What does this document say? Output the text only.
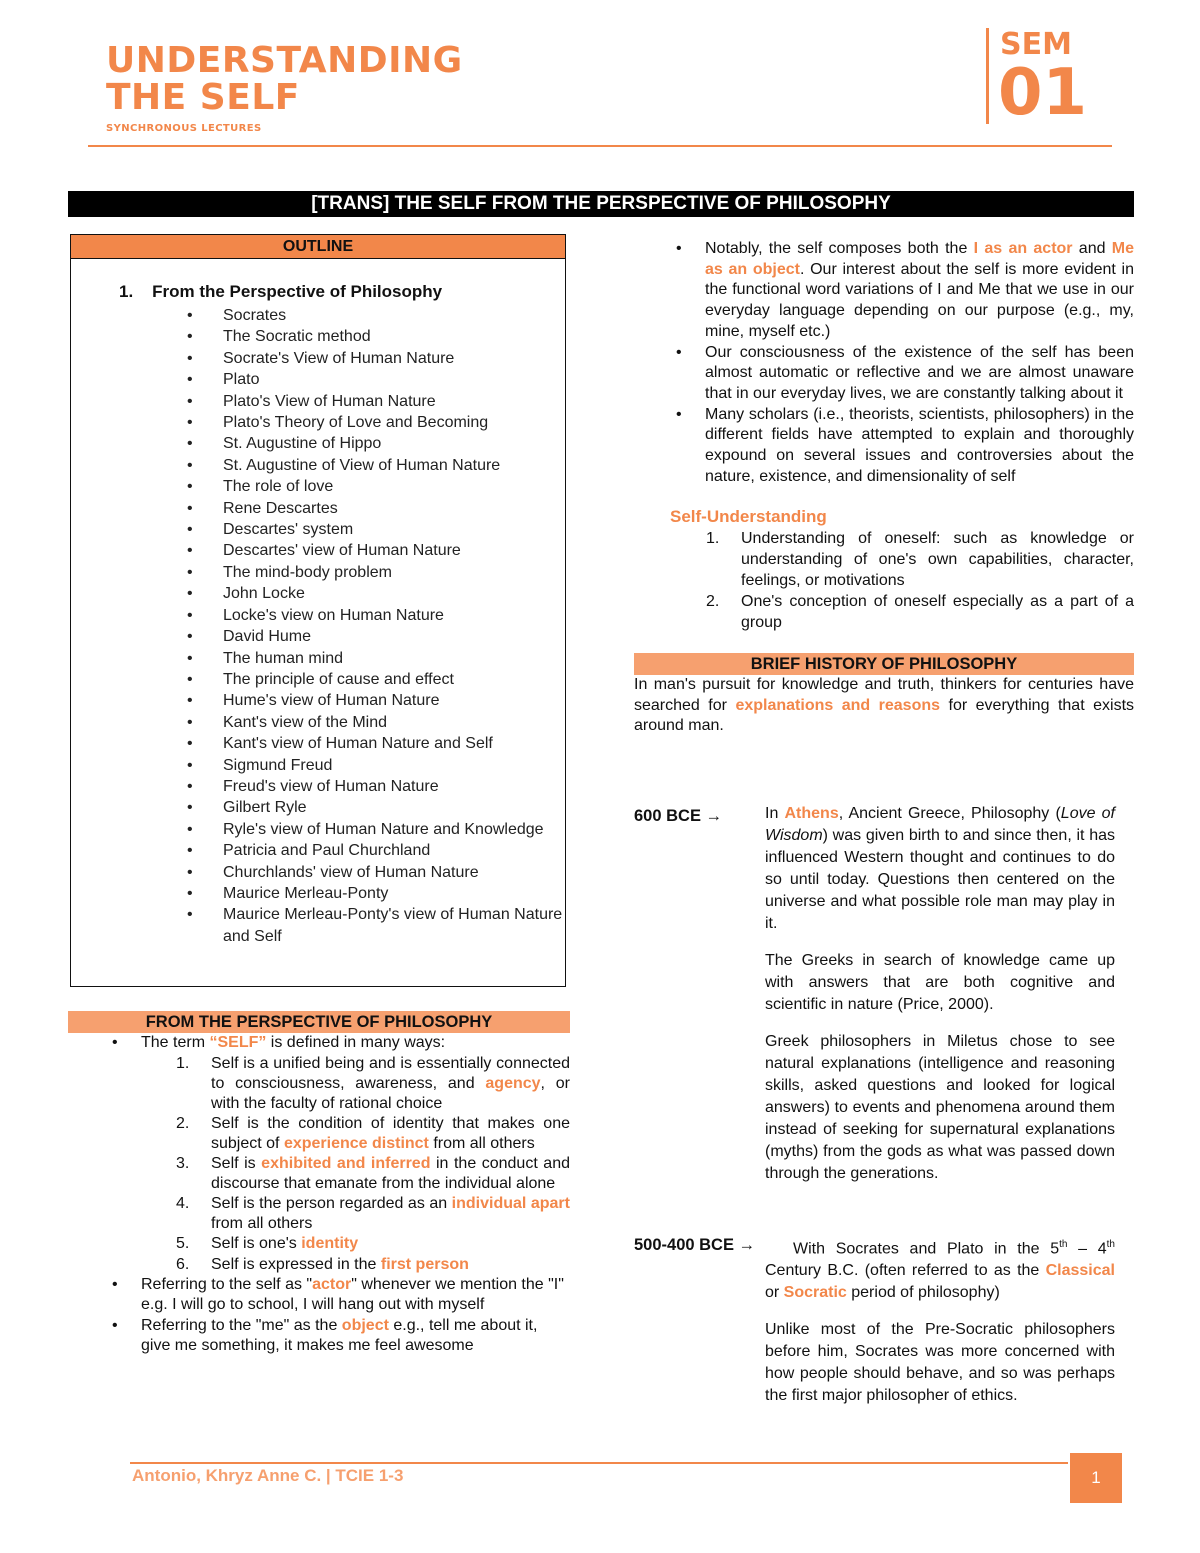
UNDERSTANDING
THE SELF
SYNCHRONOUS LECTURES
SEM
01
[TRANS] THE SELF FROM THE PERSPECTIVE OF PHILOSOPHY
OUTLINE
1. From the Perspective of Philosophy
• Socrates
• The Socratic method
• Socrate's View of Human Nature
• Plato
• Plato's View of Human Nature
• Plato's Theory of Love and Becoming
• St. Augustine of Hippo
• St. Augustine of View of Human Nature
• The role of love
• Rene Descartes
• Descartes' system
• Descartes' view of Human Nature
• The mind-body problem
• John Locke
• Locke's view on Human Nature
• David Hume
• The human mind
• The principle of cause and effect
• Hume's view of Human Nature
• Kant's view of the Mind
• Kant's view of Human Nature and Self
• Sigmund Freud
• Freud's view of Human Nature
• Gilbert Ryle
• Ryle's view of Human Nature and Knowledge
• Patricia and Paul Churchland
• Churchlands' view of Human Nature
• Maurice Merleau-Ponty
• Maurice Merleau-Ponty's view of Human Nature and Self
FROM THE PERSPECTIVE OF PHILOSOPHY
• The term “SELF” is defined in many ways:
1. Self is a unified being and is essentially connected to consciousness, awareness, and agency, or with the faculty of rational choice
2. Self is the condition of identity that makes one subject of experience distinct from all others
3. Self is exhibited and inferred in the conduct and discourse that emanate from the individual alone
4. Self is the person regarded as an individual apart from all others
5. Self is one's identity
6. Self is expressed in the first person
• Referring to the self as "actor" whenever we mention the "I" e.g. I will go to school, I will hang out with myself
• Referring to the "me" as the object e.g., tell me about it, give me something, it makes me feel awesome
• Notably, the self composes both the I as an actor and Me as an object. Our interest about the self is more evident in the functional word variations of I and Me that we use in our everyday language depending on our purpose (e.g., my, mine, myself etc.)
• Our consciousness of the existence of the self has been almost automatic or reflective and we are almost unaware that in our everyday lives, we are constantly talking about it
• Many scholars (i.e., theorists, scientists, philosophers) in the different fields have attempted to explain and thoroughly expound on several issues and controversies about the nature, existence, and dimensionality of self
Self-Understanding
1. Understanding of oneself: such as knowledge or understanding of one's own capabilities, character, feelings, or motivations
2. One's conception of oneself especially as a part of a group
BRIEF HISTORY OF PHILOSOPHY
In man's pursuit for knowledge and truth, thinkers for centuries have searched for explanations and reasons for everything that exists around man.
600 BCE →	In Athens, Ancient Greece, Philosophy (Love of Wisdom) was given birth to and since then, it has influenced Western thought and continues to do so until today. Questions then centered on the universe and what possible role man may play in it.

The Greeks in search of knowledge came up with answers that are both cognitive and scientific in nature (Price, 2000).

Greek philosophers in Miletus chose to see natural explanations (intelligence and reasoning skills, asked questions and looked for logical answers) to events and phenomena around them instead of seeking for supernatural explanations (myths) from the gods as what was passed down through the generations.

500-400 BCE →	With Socrates and Plato in the 5th – 4th Century B.C. (often referred to as the Classical or Socratic period of philosophy)

Unlike most of the Pre-Socratic philosophers before him, Socrates was more concerned with how people should behave, and so was perhaps the first major philosopher of ethics.

Antonio, Khryz Anne C. | TCIE 1-3	1
